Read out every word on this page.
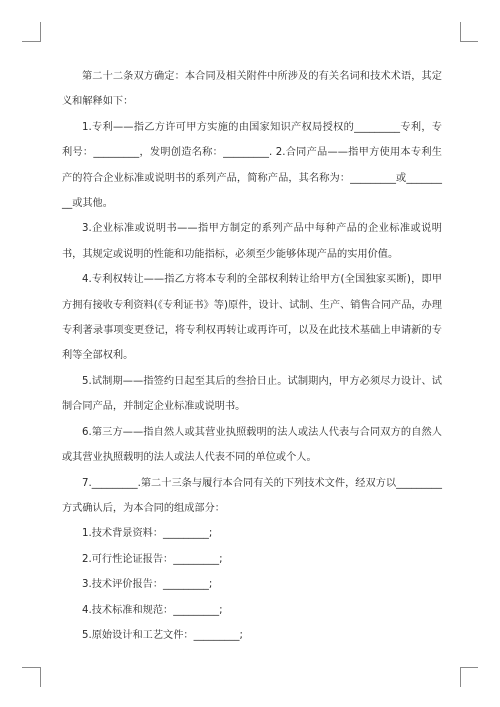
第二十二条双方确定：本合同及相关附件中所涉及的有关名词和技术术语，其定义和解释如下：

1.专利——指乙方许可甲方实施的由国家知识产权局授权的_________专利，专利号：_________，发明创造名称：_________. 2.合同产品——指甲方使用本专利生产的符合企业标准或说明书的系列产品，简称产品，其名称为：_________或_________或其他。

3.企业标准或说明书——指甲方制定的系列产品中每种产品的企业标准或说明书，其规定或说明的性能和功能指标，必须至少能够体现产品的实用价值。

4.专利权转让——指乙方将本专利的全部权利转让给甲方(全国独家买断)，即甲方拥有接收专利资料(《专利证书》等)原件，设计、试制、生产、销售合同产品，办理专利著录事项变更登记，将专利权再转让或再许可，以及在此技术基础上申请新的专利等全部权利。

5.试制期——指签约日起至其后的叁拾日止。试制期内，甲方必须尽力设计、试制合同产品，并制定企业标准或说明书。

6.第三方——指自然人或其营业执照载明的法人或法人代表与合同双方的自然人或其营业执照载明的法人或法人代表不同的单位或个人。

7._________.第二十三条与履行本合同有关的下列技术文件，经双方以_________方式确认后，为本合同的组成部分：

1.技术背景资料：_________;

2.可行性论证报告：_________;

3.技术评价报告：_________;

4.技术标准和规范：_________;

5.原始设计和工艺文件：_________;
